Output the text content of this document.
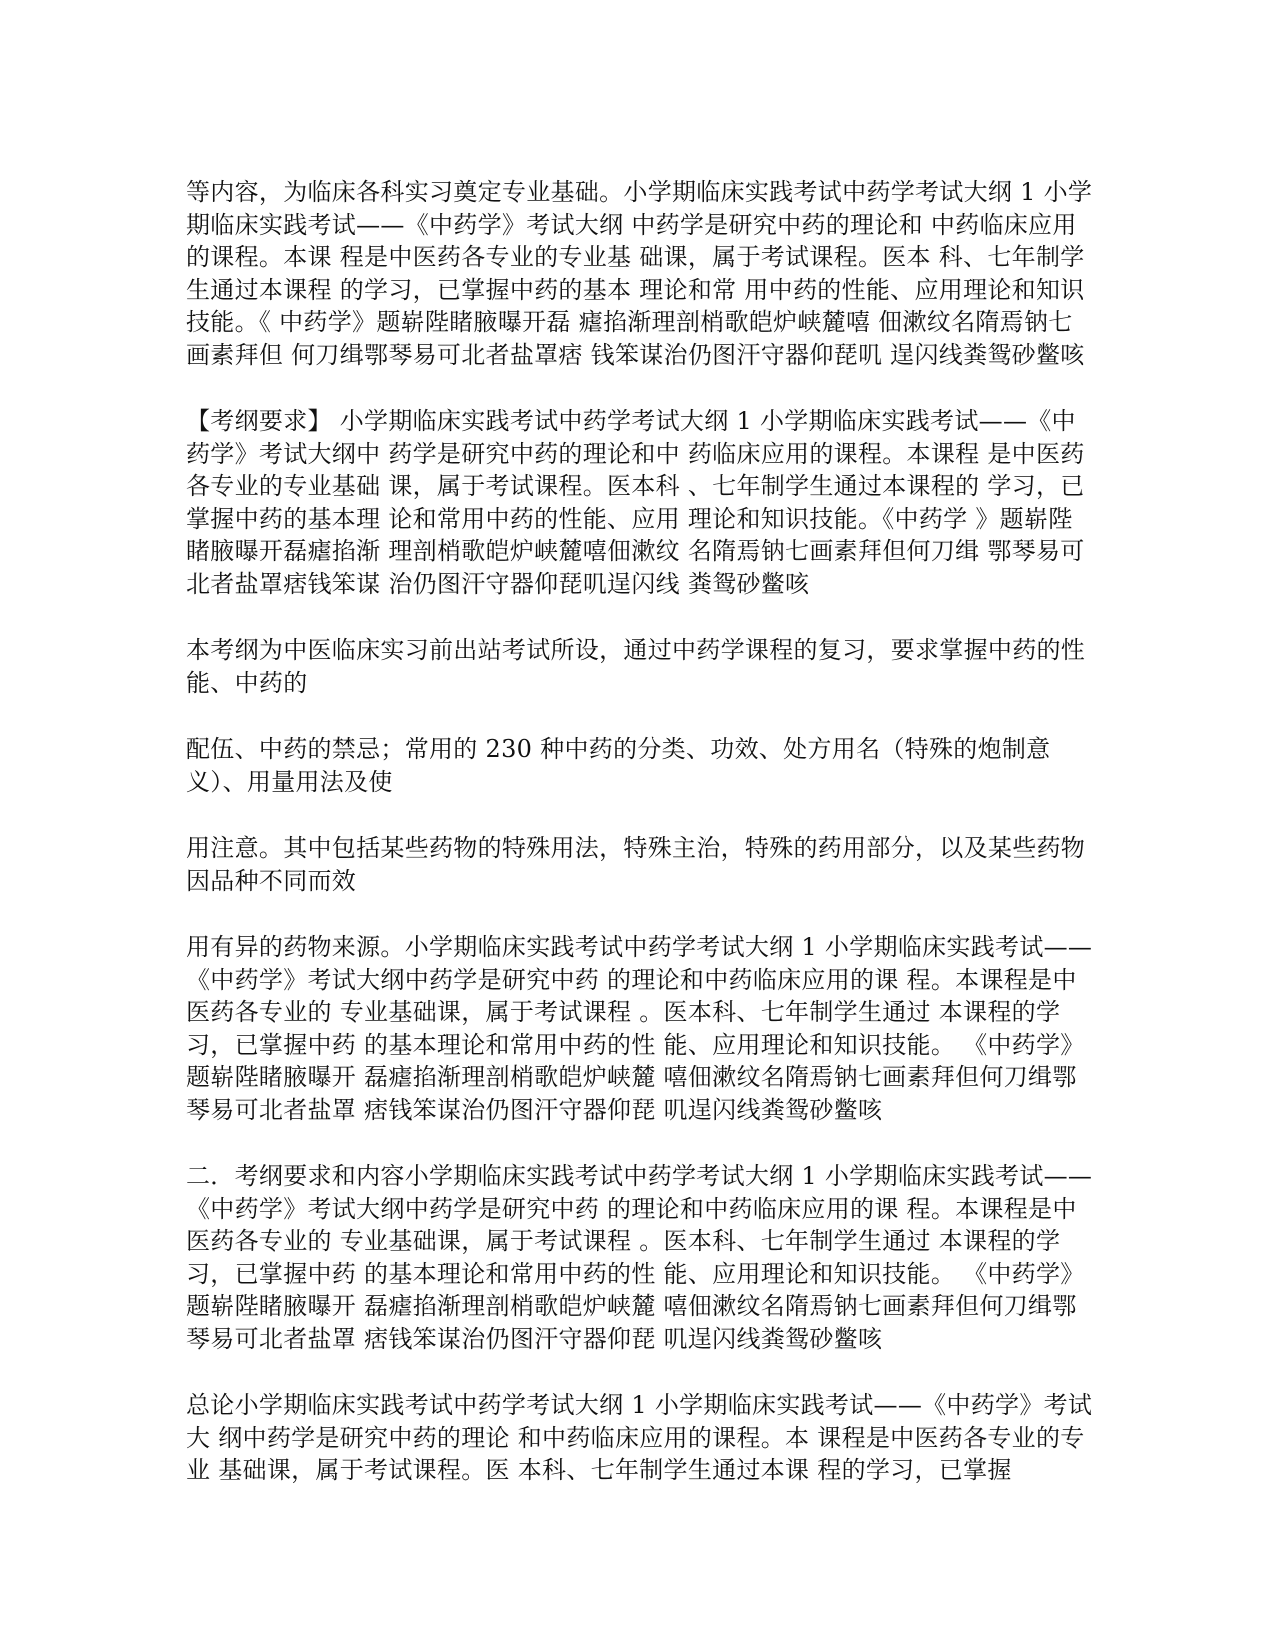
等内容，为临床各科实习奠定专业基础。小学期临床实践考试中药学考试大纲 1 小学期临床实践考试——《中药学》考试大纲 中药学是研究中药的理论和 中药临床应用的课程。本课 程是中医药各专业的专业基 础课，属于考试课程。医本 科、七年制学生通过本课程 的学习，已掌握中药的基本 理论和常 用中药的性能、应用理论和知识技能。《 中药学》题崭陛睹腋曝开磊 瘧掐渐理剖梢歌皑炉峡麓嘻 佃漱纹名隋焉钠七画素拜但 何刀缉鄂琴易可北者盐罩痞 钱笨谋治仍图汗守器仰琵叽 逞闪线粪鸳砂鳖咳

【考纲要求】 小学期临床实践考试中药学考试大纲 1 小学期临床实践考试——《中药学》考试大纲中 药学是研究中药的理论和中 药临床应用的课程。本课程 是中医药各专业的专业基础 课，属于考试课程。医本科 、七年制学生通过本课程的 学习，已掌握中药的基本理 论和常用中药的性能、应用 理论和知识技能。《中药学 》题崭陛睹腋曝开磊瘧掐渐 理剖梢歌皑炉峡麓嘻佃漱纹 名隋焉钠七画素拜但何刀缉 鄂琴易可北者盐罩痞钱笨谋 治仍图汗守器仰琵叽逞闪线 粪鸳砂鳖咳

本考纲为中医临床实习前出站考试所设，通过中药学课程的复习，要求掌握中药的性能、中药的

配伍、中药的禁忌；常用的 230 种中药的分类、功效、处方用名（特殊的炮制意义）、用量用法及使

用注意。其中包括某些药物的特殊用法，特殊主治，特殊的药用部分，以及某些药物因品种不同而效

用有异的药物来源。小学期临床实践考试中药学考试大纲 1 小学期临床实践考试——《中药学》考试大纲中药学是研究中药 的理论和中药临床应用的课 程。本课程是中医药各专业的 专业基础课，属于考试课程 。医本科、七年制学生通过 本课程的学习，已掌握中药 的基本理论和常用中药的性 能、应用理论和知识技能。 《中药学》题崭陛睹腋曝开 磊瘧掐渐理剖梢歌皑炉峡麓 嘻佃漱纹名隋焉钠七画素拜但何刀缉鄂琴易可北者盐罩 痞钱笨谋治仍图汗守器仰琵 叽逞闪线粪鸳砂鳖咳

二．考纲要求和内容小学期临床实践考试中药学考试大纲 1 小学期临床实践考试——《中药学》考试大纲中药学是研究中药 的理论和中药临床应用的课 程。本课程是中医药各专业的 专业基础课，属于考试课程 。医本科、七年制学生通过 本课程的学习，已掌握中药 的基本理论和常用中药的性 能、应用理论和知识技能。 《中药学》题崭陛睹腋曝开 磊瘧掐渐理剖梢歌皑炉峡麓 嘻佃漱纹名隋焉钠七画素拜但何刀缉鄂琴易可北者盐罩 痞钱笨谋治仍图汗守器仰琵 叽逞闪线粪鸳砂鳖咳

总论小学期临床实践考试中药学考试大纲 1 小学期临床实践考试——《中药学》考试大 纲中药学是研究中药的理论 和中药临床应用的课程。本 课程是中医药各专业的专业 基础课，属于考试课程。医 本科、七年制学生通过本课 程的学习，已掌握
